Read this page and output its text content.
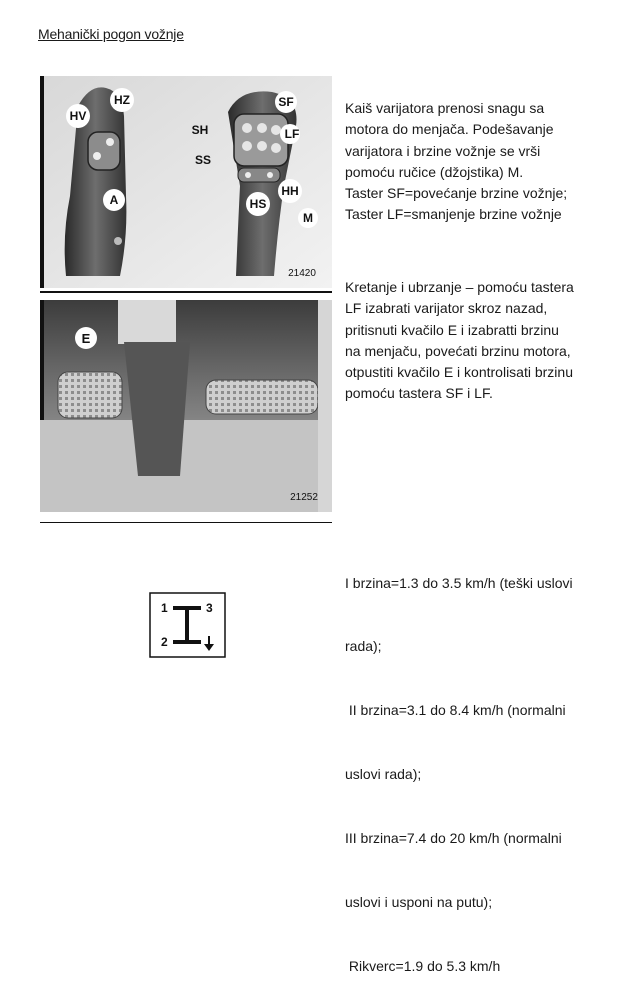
Mehanički pogon vožnje
HV
HZ
A
SF
SH	LF
SS
HH
HS
M
21420
E
21252

Kaiš varijatora prenosi snagu sa

motora do menjača. Podešavanje

varijatora i brzine vožnje se vrši

pomoću ručice (džojstika) M.

Taster SF=povećanje brzine vožnje;

Taster LF=smanjenje brzine vožnje

Kretanje i ubrzanje – pomoću tastera

LF izabrati varijator skroz nazad,

pritisnuti kvačilo E i izabratti brzinu

na menjaču, povećati brzinu motora,

otpustiti kvačilo E i kontrolisati brzinu

pomoću tastera SF i LF.

I brzina=1.3 do 3.5 km/h (teški uslovi

rada);

II brzina=3.1 do 8.4 km/h (normalni

uslovi rada);

III brzina=7.4 do 20 km/h (normalni

uslovi i usponi na putu);

Rikverc=1.9 do 5.3 km/h

1
2
3
